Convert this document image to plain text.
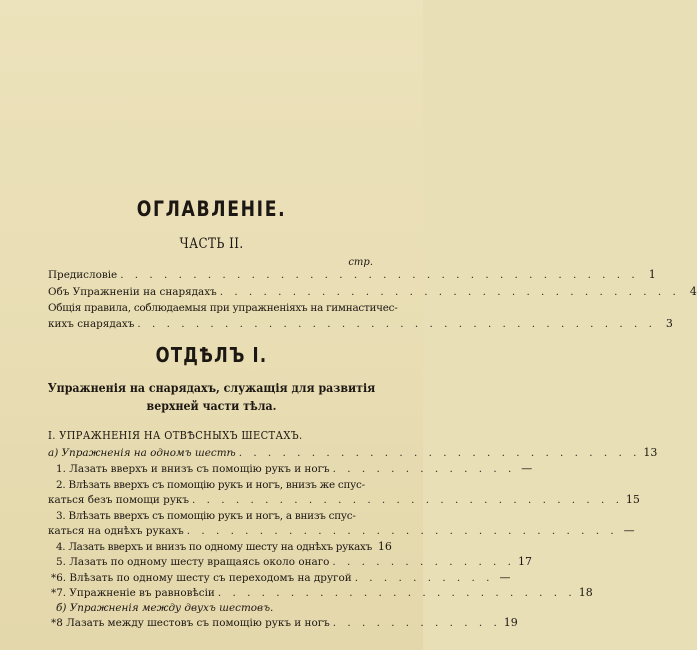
ОГЛАВЛЕНІЕ.
ЧАСТЬ II.
стр.
Предисловіе . . . . . . . . . . . . . . . . . . . . . . . . . . . . . . . . . . . . 1
Объ Упражненіи на снарядахъ . . . . . . . . . . . . . . . . . . . . . . . . . . . . . . . . 4
Общія правила, соблюдаемыя при упражненіяхъ на гимнастичес-
кихъ снарядахъ . . . . . . . . . . . . . . . . . . . . . . . . . . . . . . . . . . . . 3
ОТДѢЛЪ I.
Упражненія на снарядахъ, служащія для развитія
верхней части тѣла.
I. УПРАЖНЕНІЯ НА ОТВѢСНЫХЪ ШЕСТАХЪ.
а) Упражненія на одномъ шестѣ . . . . . . . . . . . . . . . . . . . . . . . . . . . . 13
1. Лазать вверхъ и внизъ съ помощію рукъ и ногъ . . . . . . . . . . . . . —
2. Влѣзать вверхъ съ помощію рукъ и ногъ, внизъ же спус-
каться безъ помощи рукъ . . . . . . . . . . . . . . . . . . . . . . . . . . . . . . 15
3. Влѣзать вверхъ съ помощію рукъ и ногъ, а внизъ спус-
каться на однѣхъ рукахъ . . . . . . . . . . . . . . . . . . . . . . . . . . . . . . —
4. Лазать вверхъ и внизъ по одному шесту на однѣхъ рукахъ 16
5. Лазать по одному шесту вращаясь около онаго . . . . . . . . . . . . . 17
*6. Влѣзать по одному шесту съ переходомъ на другой . . . . . . . . . . —
*7. Упражненіе въ равновѣсіи . . . . . . . . . . . . . . . . . . . . . . . . . 18
б) Упражненія между двухъ шестовъ.
*8 Лазать между шестовъ съ помощію рукъ и ногъ . . . . . . . . . . . . 19
